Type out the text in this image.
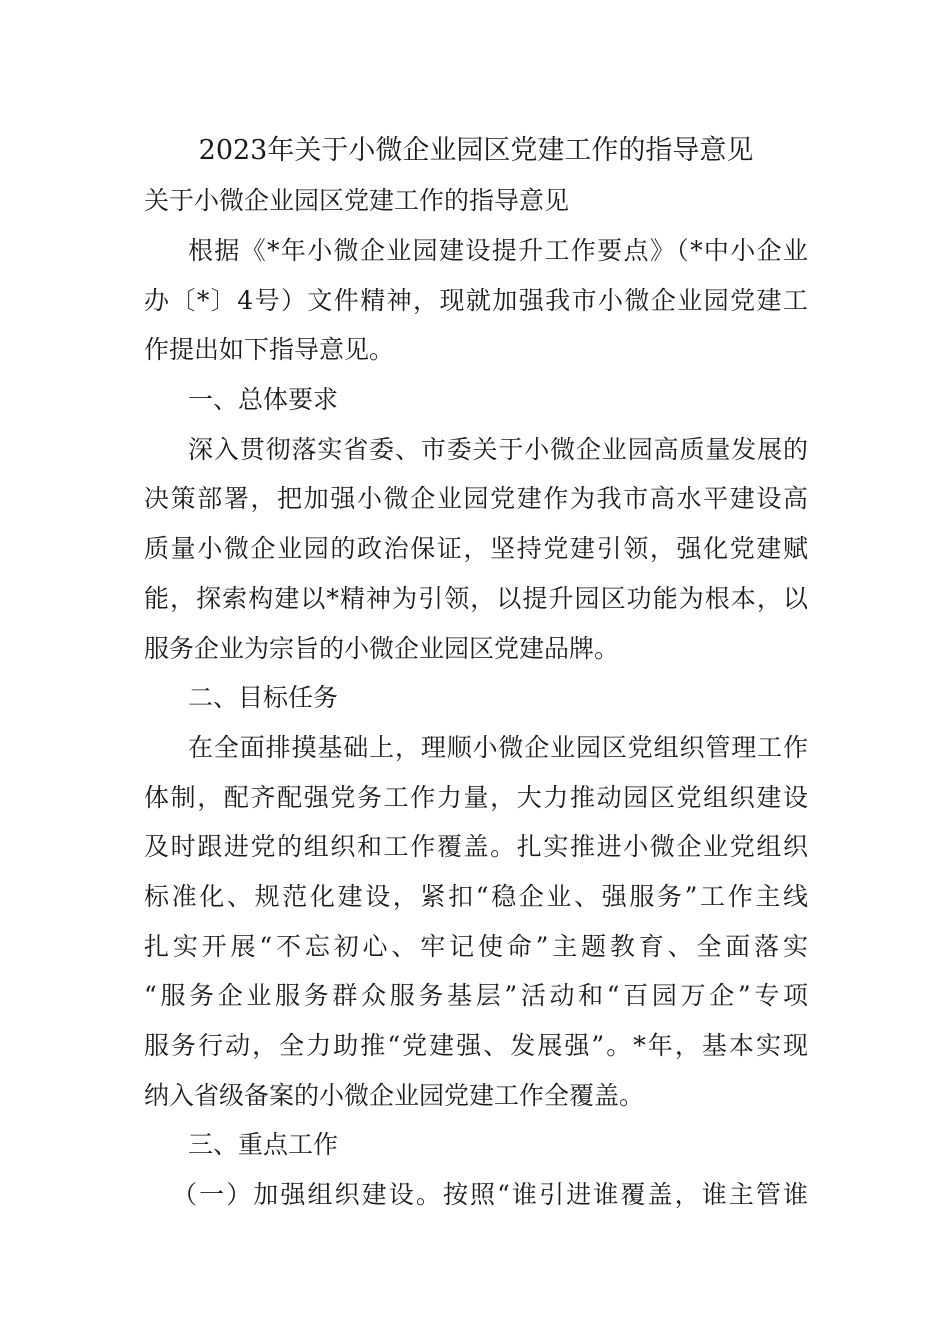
2023年关于小微企业园区党建工作的指导意见
关于小微企业园区党建工作的指导意见
根据《*年小微企业园建设提升工作要点》（*中小企业
办〔*〕4号）文件精神，现就加强我市小微企业园党建工
作提出如下指导意见。
一、总体要求
深入贯彻落实省委、市委关于小微企业园高质量发展的
决策部署，把加强小微企业园党建作为我市高水平建设高
质量小微企业园的政治保证，坚持党建引领，强化党建赋
能，探索构建以*精神为引领，以提升园区功能为根本，以
服务企业为宗旨的小微企业园区党建品牌。
二、目标任务
在全面排摸基础上，理顺小微企业园区党组织管理工作
体制，配齐配强党务工作力量，大力推动园区党组织建设
及时跟进党的组织和工作覆盖。扎实推进小微企业党组织
标准化、规范化建设，紧扣“稳企业、强服务”工作主线
扎实开展“不忘初心、牢记使命”主题教育、全面落实
“服务企业服务群众服务基层”活动和“百园万企”专项
服务行动，全力助推“党建强、发展强”。*年，基本实现
纳入省级备案的小微企业园党建工作全覆盖。
三、重点工作
（一）加强组织建设。按照“谁引进谁覆盖，谁主管谁
